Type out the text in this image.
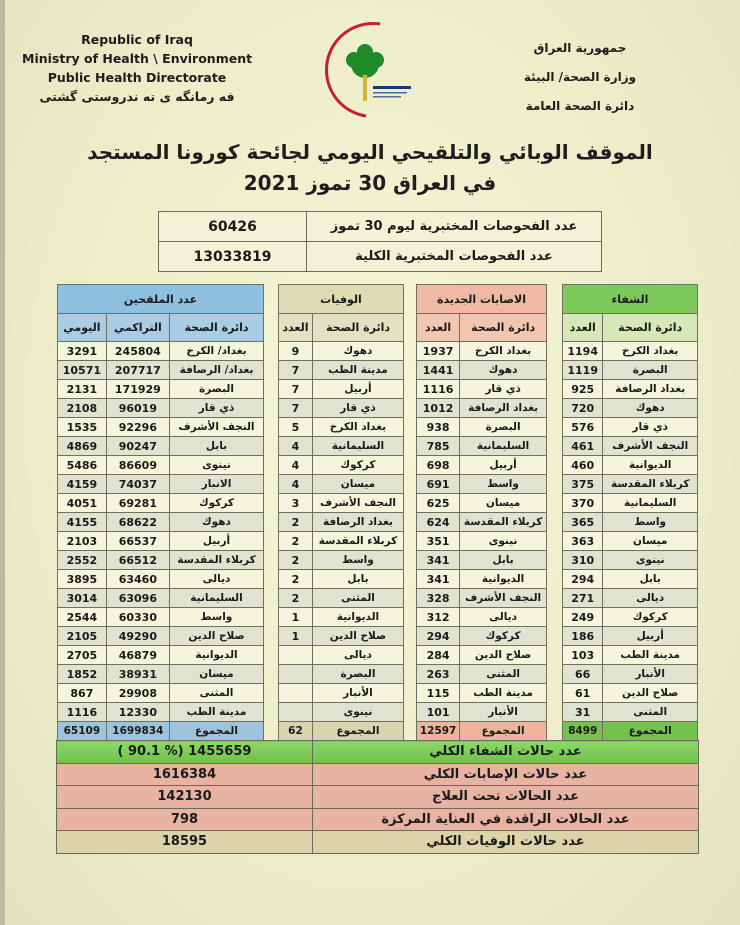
Republic of Iraq
Ministry of Health \ Environment
Public Health Directorate
فه رمانگه ى ته ندروستى گشتى
جمهورية العراق
وزارة الصحة/ البيئة
دائرة الصحة العامة
الموقف الوبائي والتلقيحي اليومي لجائحة كورونا المستجد
في العراق 30 تموز 2021
عدد الفحوصات المختبرية ليوم 30 تموز	60426
عدد الفحوصات المختبرية الكلية	13033819
الشفاء	
دائرة الصحة	العدد
بغداد الكرخ	1194
البصرة	1119
بغداد الرصافة	925
دهوك	720
ذي قار	576
النجف الأشرف	461
الديوانية	460
كربلاء المقدسة	375
السليمانية	370
واسط	365
ميسان	363
نينوى	310
بابل	294
ديالى	271
كركوك	249
أربيل	186
مدينة الطب	103
الأنبار	66
صلاح الدين	61
المثنى	31
المجموع	8499
الاصابات الجديدة	
دائرة الصحة	العدد
بغداد الكرخ	1937
دهوك	1441
ذي قار	1116
بغداد الرصافة	1012
البصرة	938
السليمانية	785
أربيل	698
واسط	691
ميسان	625
كربلاء المقدسة	624
نينوى	351
بابل	341
الديوانية	341
النجف الأشرف	328
ديالى	312
كركوك	294
صلاح الدين	284
المثنى	263
مدينة الطب	115
الأنبار	101
المجموع	12597
الوفيات	
دائرة الصحة	العدد
دهوك	9
مدينة الطب	7
أربيل	7
ذي قار	7
بغداد الكرخ	5
السليمانية	4
كركوك	4
ميسان	4
النجف الأشرف	3
بغداد الرصافة	2
كربلاء المقدسة	2
واسط	2
بابل	2
المثنى	2
الديوانية	1
صلاح الدين	1
ديالى	
البصرة	
الأنبار	
نينوى	
المجموع	62
عدد الملقحين		
دائرة الصحة	التراكمي	اليومي
بغداد/ الكرخ	245804	3291
بغداد/ الرصافة	207717	10571
البصرة	171929	2131
ذي قار	96019	2108
النجف الأشرف	92296	1535
بابل	90247	4869
نينوى	86609	5486
الانبار	74037	4159
كركوك	69281	4051
دهوك	68622	4155
أربيل	66537	2103
كربلاء المقدسة	66512	2552
ديالى	63460	3895
السليمانية	63096	3014
واسط	60330	2544
صلاح الدين	49290	2105
الديوانية	46879	2705
ميسان	38931	1852
المثنى	29908	867
مدينة الطب	12330	1116
المجموع	1699834	65109
عدد حالات الشفاء الكلي	( 90.1 %) 1455659
عدد حالات الإصابات الكلي	1616384
عدد الحالات تحت العلاج	142130
عدد الحالات الراقدة في العناية المركزة	798
عدد حالات الوفيات الكلي	18595
